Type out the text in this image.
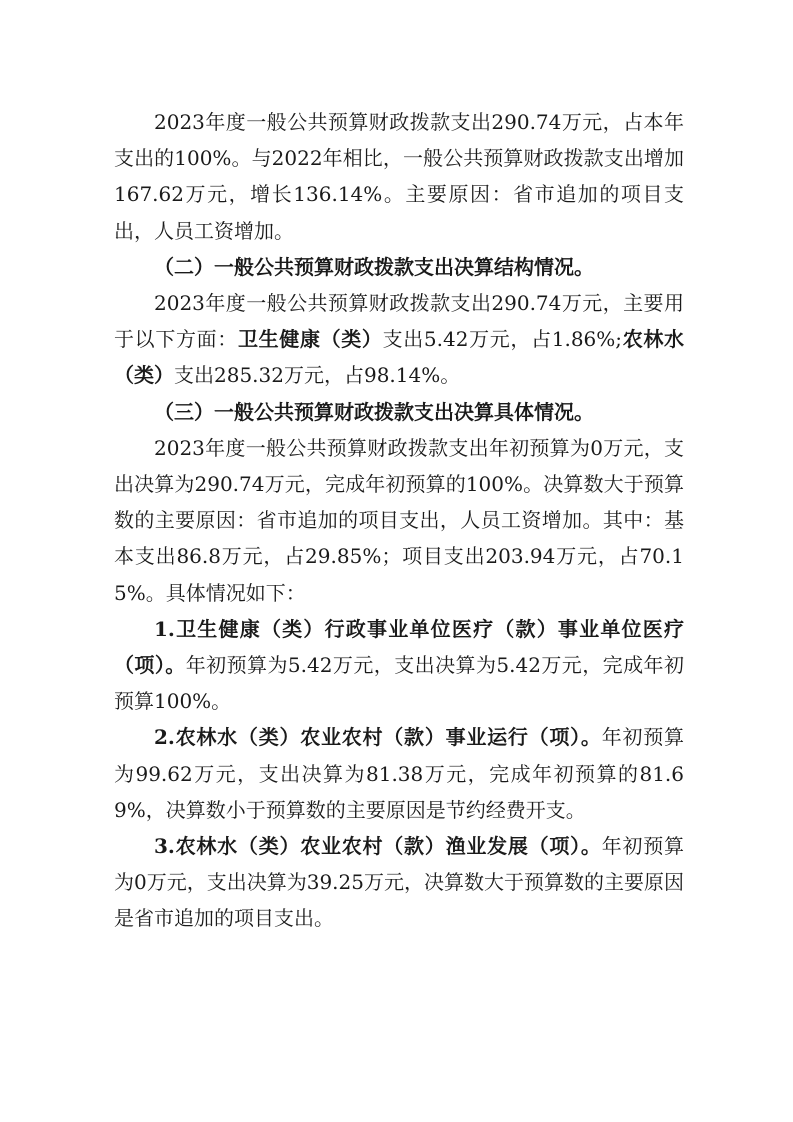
2023年度一般公共预算财政拨款支出290.74万元，占本年支出的100%。与2022年相比，一般公共预算财政拨款支出增加167.62万元，增长136.14%。主要原因：省市追加的项目支出，人员工资增加。

（二）一般公共预算财政拨款支出决算结构情况。

2023年度一般公共预算财政拨款支出290.74万元，主要用于以下方面：卫生健康（类）支出5.42万元，占1.86%;农林水（类）支出285.32万元，占98.14%。

（三）一般公共预算财政拨款支出决算具体情况。

2023年度一般公共预算财政拨款支出年初预算为0万元，支出决算为290.74万元，完成年初预算的100%。决算数大于预算数的主要原因：省市追加的项目支出，人员工资增加。其中：基本支出86.8万元，占29.85%；项目支出203.94万元，占70.15%。具体情况如下：

1.卫生健康（类）行政事业单位医疗（款）事业单位医疗（项）。年初预算为5.42万元，支出决算为5.42万元，完成年初预算100%。

2.农林水（类）农业农村（款）事业运行（项）。年初预算为99.62万元，支出决算为81.38万元，完成年初预算的81.69%，决算数小于预算数的主要原因是节约经费开支。

3.农林水（类）农业农村（款）渔业发展（项）。年初预算为0万元，支出决算为39.25万元，决算数大于预算数的主要原因是省市追加的项目支出。
